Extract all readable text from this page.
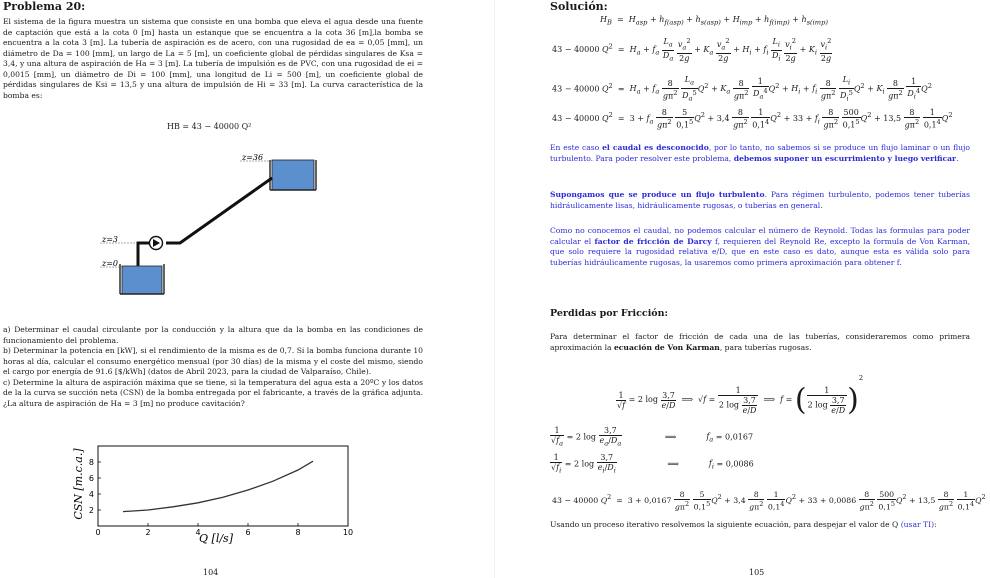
Problema 20:

El sistema de la figura muestra un sistema que consiste en una bomba que eleva el agua desde una fuente de captación que está a la cota 0 [m] hasta un estanque que se encuentra a la cota 36 [m],la bomba se encuentra a la cota 3 [m]. La tubería de aspiración es de acero, con una rugosidad de ea = 0,05 [mm], un diámetro de Da = 100 [mm], un largo de La = 5 [m], un coeficiente global de pérdidas singulares de Ksa = 3,4, y una altura de aspiración de Ha = 3 [m]. La tubería de impulsión es de PVC, con una rugosidad de ei = 0,0015 [mm], un diámetro de Di = 100 [mm], una longitud de Li = 500 [m], un coeficiente global de pérdidas singulares de Ksi = 13,5 y una altura de impulsión de Hi = 33 [m]. La curva característica de la bomba es:

HB = 43 − 40000 Q²
z=36
z=3
z=0

a) Determinar el caudal circulante por la conducción y la altura que da la bomba en las condiciones de funcionamiento del problema.

b) Determinar la potencia en [kW], si el rendimiento de la misma es de 0,7. Si la bomba funciona durante 10 horas al día, calcular el consumo energético mensual (por 30 días) de la misma y el coste del mismo, siendo el cargo por energía de 91.6 [$/kWh] (datos de Abril 2023, para la ciudad de Valparaíso, Chile).

c) Determine la altura de aspiración máxima que se tiene, si la temperatura del agua esta a 20ºC y los datos de la la curva se succión neta (CSN) de la bomba entregada por el fabricante, a través de la gráfica adjunta. ¿La altura de aspiración de Ha = 3 [m] no produce cavitación?

0	2	4	6	8	10
2
4
6
8
CSN [m.c.a.]
Q [l/s]
104
Solución:
$H_B = H_{asp} + h_{f(asp)} + h_{s(asp)} + H_{imp} + h_{f(imp)} + h_{s(imp)}$
43 − 40000 $Q^2 = H_a + f_a \frac{L_a}{D_a}$
$\frac{v_a^2}{2g} + K_a \frac{v_a^2}{2g} + H_i + f_i \frac{L_i}{D_i}$
$\frac{v_i^2}{2g} + K_i \frac{v_i^2}{2g}$
43 − 40000 $Q^2 = H_a + f_a \frac{8}{g\pi^2}$
$\frac{L_a}{D_a^5} Q^2 + K_a \frac{8}{g\pi^2}$
$\frac{1}{D_a^4} Q^2 + H_i + f_i \frac{8}{g\pi^2}$
$\frac{L_i}{D_i^5} Q^2 + K_i \frac{8}{g\pi^2}$
$\frac{1}{D_i^4} Q^2$
43 − 40000 $Q^2 = 3 + f_a \frac{8}{g\pi^2}$
$\frac{5}{0,1^5} Q^2 + 3,4 \frac{8}{g\pi^2}$
$\frac{1}{0,1^4} Q^2 + 33 + f_i \frac{8}{g\pi^2}$
$\frac{500}{0,1^5} Q^2 + 13,5 \frac{8}{g\pi^2}$
$\frac{1}{0,1^4} Q^2$

En este caso el caudal es desconocido, por lo tanto, no sabemos si se produce un flujo laminar o un flujo turbulento. Para poder resolver este problema, debemos suponer un escurrimiento y luego verificar.

Supongamos que se produce un flujo turbulento. Para régimen turbulento, podemos tener tuberías hidráulicamente lisas, hidráulicamente rugosas, o tuberías en general.

Como no conocemos el caudal, no podemos calcular el número de Reynold. Todas las formulas para poder calcular el factor de fricción de Darcy f, requieren del Reynold Re, excepto la formula de Von Karman, que solo requiere la rugosidad relativa e/D, que en este caso es dato, aunque esta es válida solo para tuberías hidráulicamente rugosas, la usaremos como primera aproximación para obtener f.

Perdidas por Fricción:

Para determinar el factor de fricción de cada una de las tuberías, consideraremos como primera aproximación la ecuación de Von Karman, para tuberías rugosas.

$\frac{1}{√f} = 2$ $\log \frac{3,7}{e/D}$ ⟹  $√f = \frac{1}{2 \log \frac{3,7}{e/D}}$ ⟹  f = ( $\frac{1}{2 \log \frac{3,7}{e/D}} )^2$
$\frac{1}{√f_a} = 2$ $\log \frac{3,7}{e_a/D_a}$	⟹	$f_a = 0,0167$
$\frac{1}{√f_i} = 2$ $\log \frac{3,7}{e_i/D_i}$	⟹	$f_i = 0,0086$
43 − 40000 $Q^2 = 3 + 0,0167 \frac{8}{g\pi^2}$
$\frac{5}{0,1^5} Q^2 + 3,4 \frac{8}{g\pi^2}$
$\frac{1}{0,1^4} Q^2 + 33 + 0,0086 \frac{8}{g\pi^2}$
$\frac{500}{0,1^5} Q^2 + 13,5 \frac{8}{g\pi^2}$
$\frac{1}{0,1^4} Q^2$

Usando un proceso iterativo resolvemos la siguiente ecuación, para despejar el valor de Q (usar TI):

105
